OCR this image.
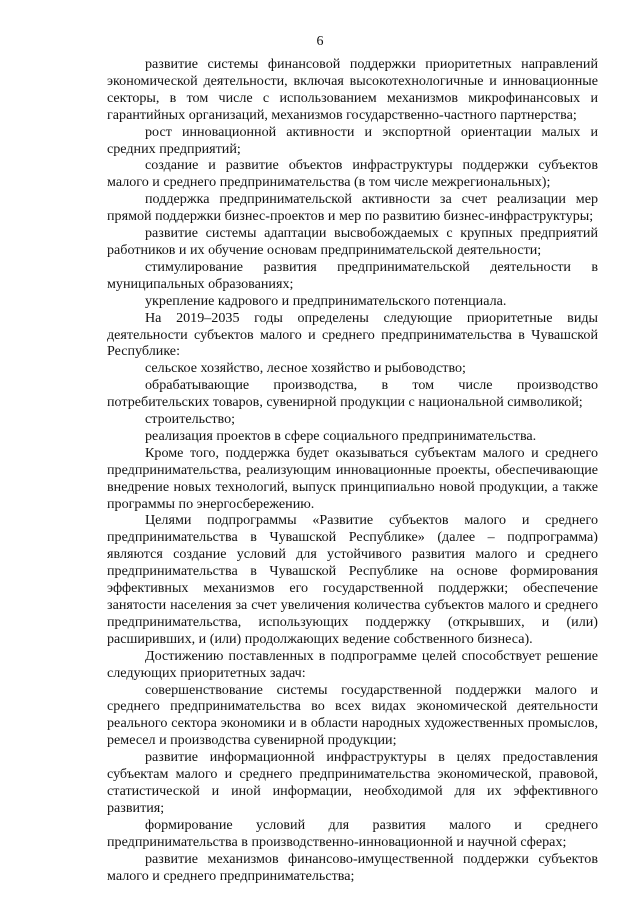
6

развитие системы финансовой поддержки приоритетных направлений экономической деятельности, включая высокотехнологичные и инновационные секторы, в том числе с использованием механизмов микрофинансовых и гарантийных организаций, механизмов государственно-частного партнерства;

рост инновационной активности и экспортной ориентации малых и средних предприятий;

создание и развитие объектов инфраструктуры поддержки субъектов малого и среднего предпринимательства (в том числе межрегиональных);

поддержка предпринимательской активности за счет реализации мер прямой поддержки бизнес-проектов и мер по развитию бизнес-инфраструктуры;

развитие системы адаптации высвобождаемых с крупных предприятий работников и их обучение основам предпринимательской деятельности;

стимулирование развития предпринимательской деятельности в муниципальных образованиях;

укрепление кадрового и предпринимательского потенциала.

На 2019–2035 годы определены следующие приоритетные виды деятельности субъектов малого и среднего предпринимательства в Чувашской Республике:

сельское хозяйство, лесное хозяйство и рыбоводство;

обрабатывающие производства, в том числе производство потребительских товаров, сувенирной продукции с национальной символикой;

строительство;

реализация проектов в сфере социального предпринимательства.

Кроме того, поддержка будет оказываться субъектам малого и среднего предпринимательства, реализующим инновационные проекты, обеспечивающие внедрение новых технологий, выпуск принципиально новой продукции, а также программы по энергосбережению.

Целями подпрограммы «Развитие субъектов малого и среднего предпринимательства в Чувашской Республике» (далее – подпрограмма) являются создание условий для устойчивого развития малого и среднего предпринимательства в Чувашской Республике на основе формирования эффективных механизмов его государственной поддержки; обеспечение занятости населения за счет увеличения количества субъектов малого и среднего предпринимательства, использующих поддержку (открывших, и (или) расширивших, и (или) продолжающих ведение собственного бизнеса).

Достижению поставленных в подпрограмме целей способствует решение следующих приоритетных задач:

совершенствование системы государственной поддержки малого и среднего предпринимательства во всех видах экономической деятельности реального сектора экономики и в области народных художественных промыслов, ремесел и производства сувенирной продукции;

развитие информационной инфраструктуры в целях предоставления субъектам малого и среднего предпринимательства экономической, правовой, статистической и иной информации, необходимой для их эффективного развития;

формирование условий для развития малого и среднего предпринимательства в производственно-инновационной и научной сферах;

развитие механизмов финансово-имущественной поддержки субъектов малого и среднего предпринимательства;
